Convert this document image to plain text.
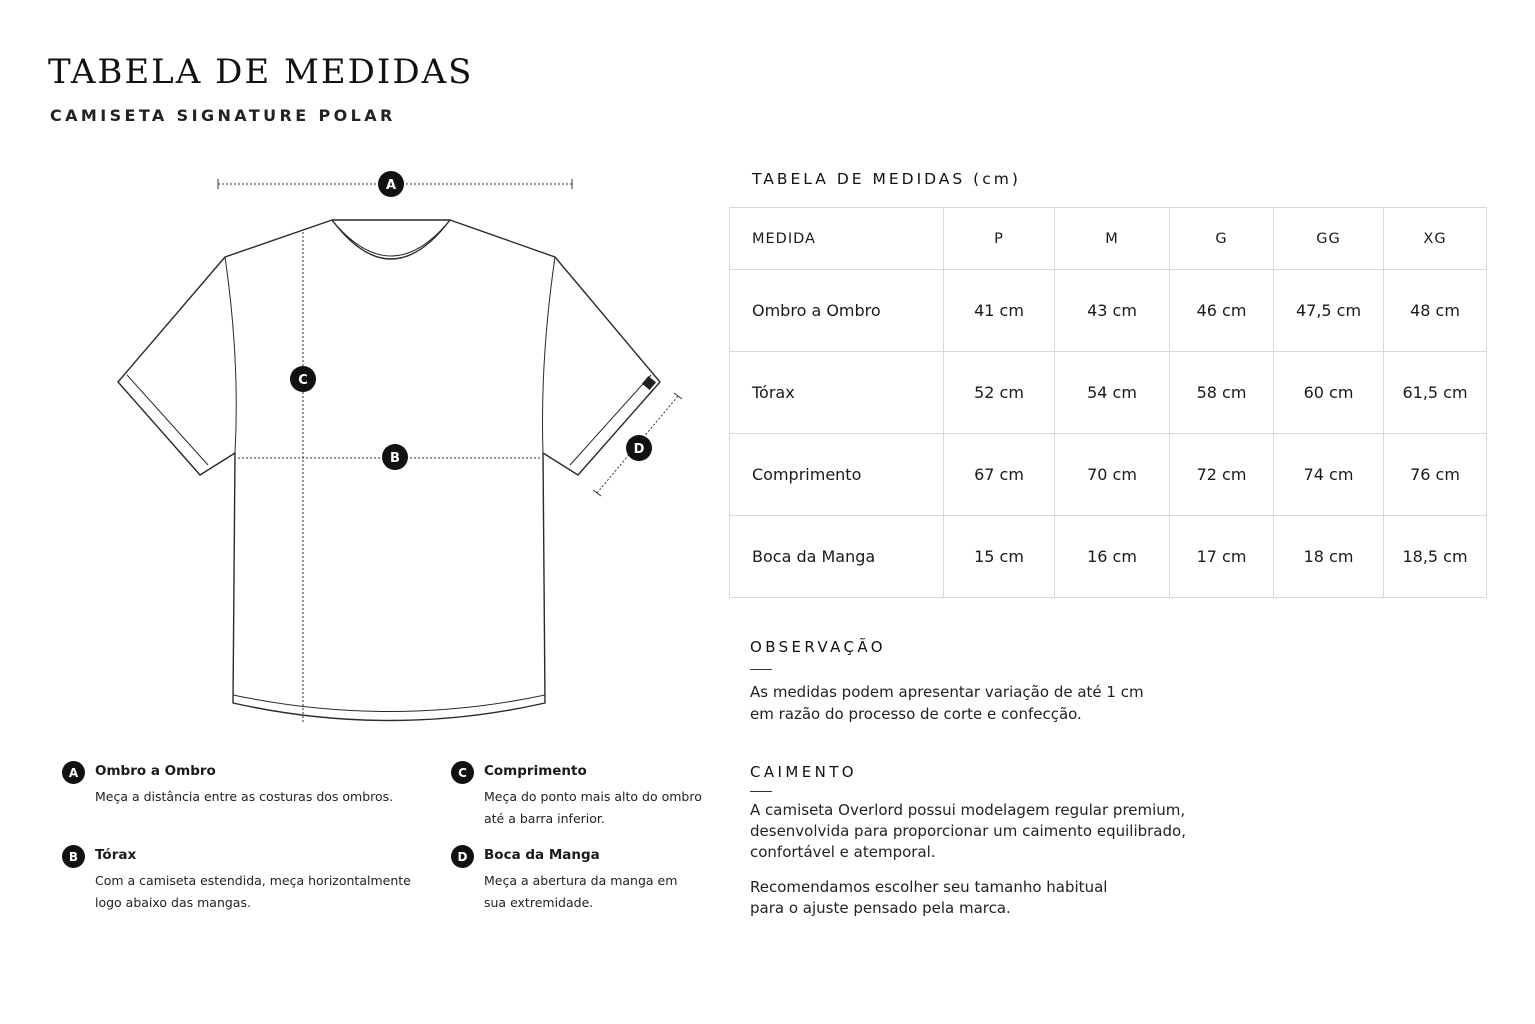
TABELA DE MEDIDAS
CAMISETA SIGNATURE POLAR
A
B
C
D
A	Ombro a Ombro
Meça a distância entre as costuras dos ombros.
B	Tórax
Com a camiseta estendida, meça horizontalmente
logo abaixo das mangas.
C	Comprimento
Meça do ponto mais alto do ombro
até a barra inferior.
D	Boca da Manga
Meça a abertura da manga em
sua extremidade.
TABELA DE MEDIDAS (cm)
MEDIDA	P	M	G	GG	XG
Ombro a Ombro	41 cm	43 cm	46 cm	47,5 cm	48 cm
Tórax	52 cm	54 cm	58 cm	60 cm	61,5 cm
Comprimento	67 cm	70 cm	72 cm	74 cm	76 cm
Boca da Manga	15 cm	16 cm	17 cm	18 cm	18,5 cm
OBSERVAÇÃO

As medidas podem apresentar variação de até 1 cm
em razão do processo de corte e confecção.

CAIMENTO

A camiseta Overlord possui modelagem regular premium,
desenvolvida para proporcionar um caimento equilibrado,
confortável e atemporal.

Recomendamos escolher seu tamanho habitual
para o ajuste pensado pela marca.
